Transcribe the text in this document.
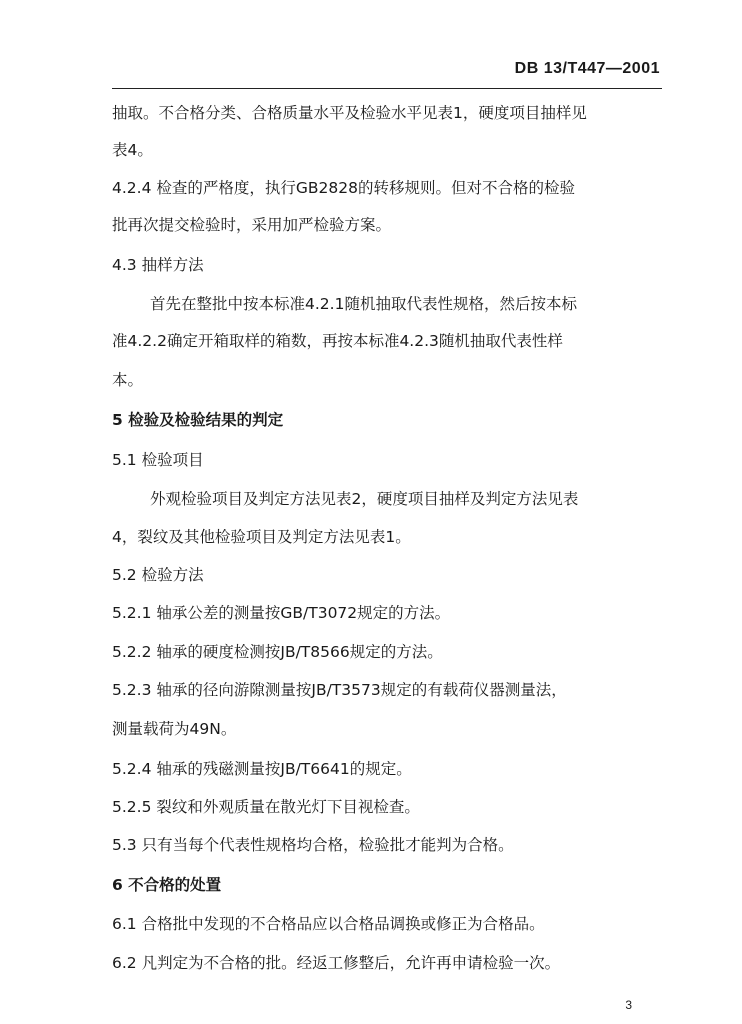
DB 13/T447—2001
抽取。不合格分类、合格质量水平及检验水平见表1，硬度项目抽样见
表4。
4.2.4 检查的严格度，执行GB2828的转移规则。但对不合格的检验
批再次提交检验时，采用加严检验方案。
4.3 抽样方法
首先在整批中按本标准4.2.1随机抽取代表性规格，然后按本标
准4.2.2确定开箱取样的箱数，再按本标准4.2.3随机抽取代表性样
本。
5 检验及检验结果的判定
5.1 检验项目
外观检验项目及判定方法见表2，硬度项目抽样及判定方法见表
4，裂纹及其他检验项目及判定方法见表1。
5.2 检验方法
5.2.1 轴承公差的测量按GB/T3072规定的方法。
5.2.2 轴承的硬度检测按JB/T8566规定的方法。
5.2.3 轴承的径向游隙测量按JB/T3573规定的有载荷仪器测量法，
测量载荷为49N。
5.2.4 轴承的残磁测量按JB/T6641的规定。
5.2.5 裂纹和外观质量在散光灯下目视检查。
5.3 只有当每个代表性规格均合格，检验批才能判为合格。
6 不合格的处置
6.1 合格批中发现的不合格品应以合格品调换或修正为合格品。
6.2 凡判定为不合格的批。经返工修整后，允许再申请检验一次。
3
